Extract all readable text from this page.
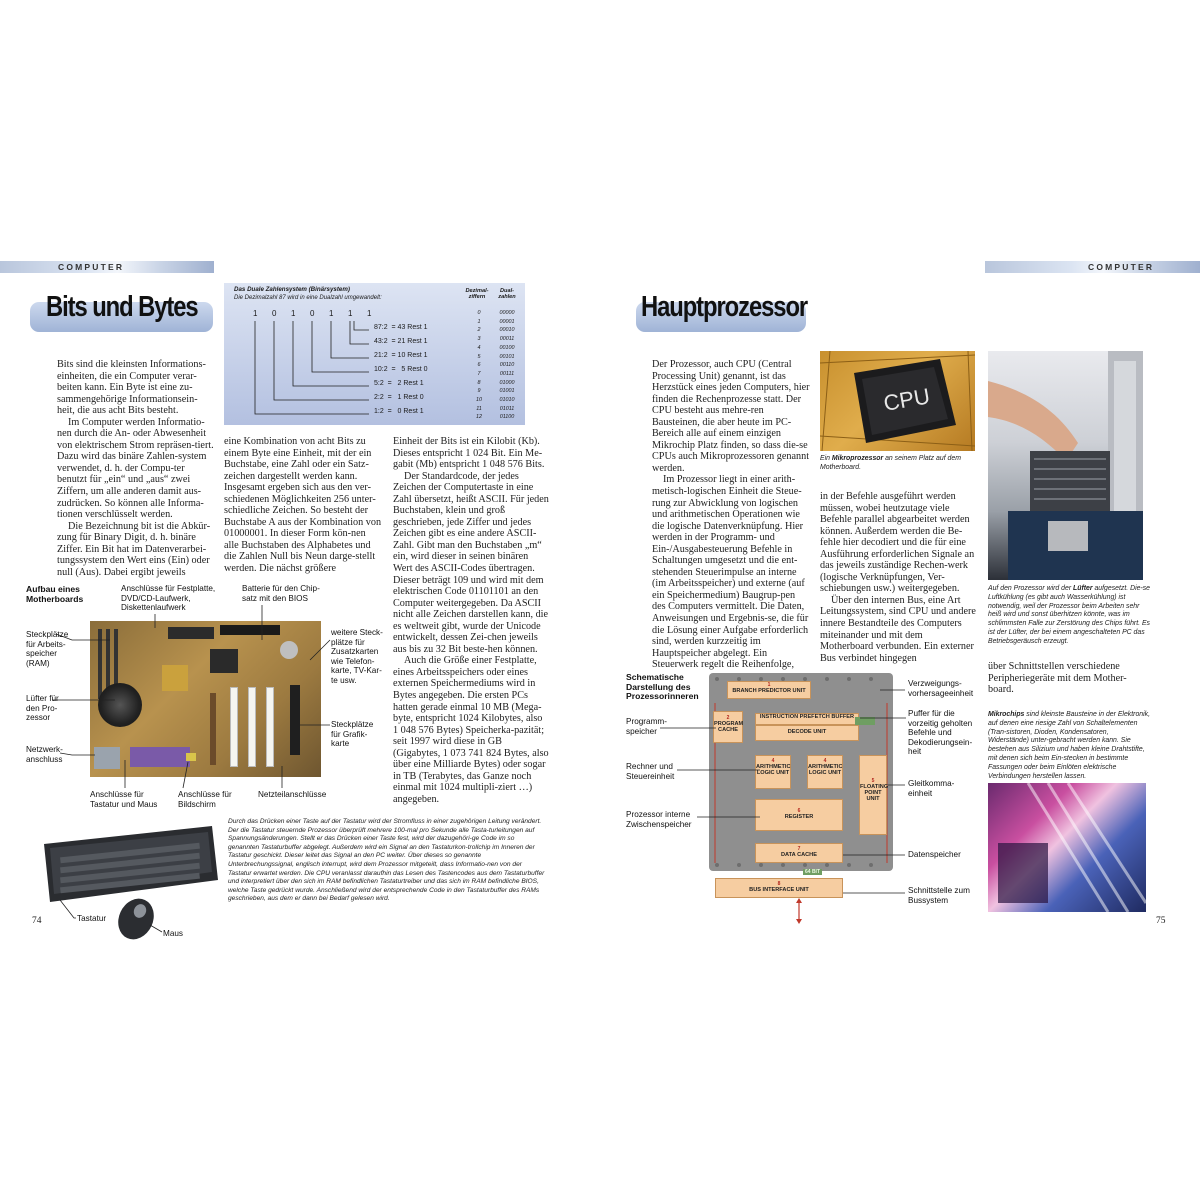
COMPUTER
Bits und Bytes
Das Duale Zahlensystem (Binärsystem)
Die Dezimalzahl 87 wird in eine Dualzahl umgewandelt:
1 0 1 0 1 1 1
87:2  = 43 Rest 1
43:2  = 21 Rest 1
21:2  = 10 Rest 1
10:2  =   5 Rest 0
5:2  =   2 Rest 1
2:2  =   1 Rest 0
1:2  =   0 Rest 1
Dezimal-
ziffern
Dual-
zahlen
0	00000
1	00001
2	00010
3	00011
4	00100
5	00101
6	00110
7	00111
8	01000
9	01001
10	01010
11	01011
12	01100

Bits sind die kleinsten Informations-einheiten, die ein Computer verar-beiten kann. Ein Byte ist eine zu-sammengehörige Informationsein-heit, die aus acht Bits besteht.

Im Computer werden Informatio-nen durch die An- oder Abwesenheit von elektrischem Strom repräsen-tiert. Dazu wird das binäre Zahlen-system verwendet, d. h. der Compu-ter benutzt für „ein“ und „aus“ zwei Ziffern, um alle anderen damit aus-zudrücken. So können alle Informa-tionen verschlüsselt werden.

Die Bezeichnung bit ist die Abkür-zung für Binary Digit, d. h. binäre Ziffer. Ein Bit hat im Datenverarbei-tungssystem den Wert eins (Ein) oder null (Aus). Dabei ergibt jeweils

eine Kombination von acht Bits zu einem Byte eine Einheit, mit der ein Buchstabe, eine Zahl oder ein Satz-zeichen dargestellt werden kann. Insgesamt ergeben sich aus den ver-schiedenen Möglichkeiten 256 unter-schiedliche Zeichen. So besteht der Buchstabe A aus der Kombination von 01000001. In dieser Form kön-nen alle Buchstaben des Alphabetes und die Zahlen Null bis Neun darge-stellt werden. Die nächst größere

Einheit der Bits ist ein Kilobit (Kb). Dieses entspricht 1 024 Bit. Ein Me-gabit (Mb) entspricht 1 048 576 Bits.

Der Standardcode, der jedes Zeichen der Computertaste in eine Zahl übersetzt, heißt ASCII. Für jeden Buchstaben, klein und groß geschrieben, jede Ziffer und jedes Zeichen gibt es eine andere ASCII-Zahl. Gibt man den Buchstaben „m“ ein, wird dieser in seinen binären Wert des ASCII-Codes übertragen. Dieser beträgt 109 und wird mit dem elektrischen Code 01101101 an den Computer weitergegeben. Da ASCII nicht alle Zeichen darstellen kann, die es weltweit gibt, wurde der Unicode entwickelt, dessen Zei-chen jeweils aus bis zu 32 Bit beste-hen können.

Auch die Größe einer Festplatte, eines Arbeitsspeichers oder eines externen Speichermediums wird in Bytes angegeben. Die ersten PCs hatten gerade einmal 10 MB (Mega-byte, entspricht 1024 Kilobytes, also 1 048 576 Bytes) Speicherka-pazität; seit 1997 wird diese in GB (Gigabytes, 1 073 741 824 Bytes, also über eine Milliarde Bytes) oder sogar in TB (Terabytes, das Ganze noch einmal mit 1024 multipli-ziert …) angegeben.

Aufbau eines
Motherboards
Anschlüsse für Festplatte, DVD/CD-Laufwerk, Diskettenlaufwerk
Batterie für den Chip-satz mit den BIOS
Steckplätze für Arbeits-speicher (RAM)
weitere Steck-plätze für Zusatzkarten wie Telefon-karte, TV-Kar-te usw.
Lüfter für den Pro-zessor
Steckplätze für Grafik-karte
Netzwerk-anschluss
Anschlüsse für Tastatur und Maus
Anschlüsse für Bildschirm
Netzteilanschlüsse
Tastatur
Maus
Durch das Drücken einer Taste auf der Tastatur wird der Stromfluss in einer zugehörigen Leitung verändert. Der die Tastatur steuernde Prozessor überprüft mehrere 100-mal pro Sekunde alle Tasta-turleitungen auf Spannungsänderungen. Stellt er das Drücken einer Taste fest, wird der dazugehöri-ge Code im so genannten Tastaturbuffer abgelegt. Außerdem wird ein Signal an den Tastaturkon-trollchip im Inneren der Tastatur geschickt. Dieser leitet das Signal an den PC weiter. Über dieses so genannte Unterbrechungssignal, englisch interrupt, wird dem Prozessor mitgeteilt, dass Informatio-nen von der Tastatur erwartet werden. Die CPU veranlasst daraufhin das Lesen des Tastencodes aus dem Tastaturbuffer und interpretiert über den sich im RAM befindlichen Tastaturtreiber und das sich im RAM befindliche BIOS, welche Taste gedrückt wurde. Anschließend wird der entsprechende Code in den Tastaturbuffer des RAMs geschrieben, aus dem er dann bei Bedarf gelesen wird.
74
COMPUTER
Hauptprozessor

Der Prozessor, auch CPU (Central Processing Unit) genannt, ist das Herzstück eines jeden Computers, hier finden die Rechenprozesse statt. Der CPU besteht aus mehre-ren Bausteinen, die aber heute im PC-Bereich alle auf einem einzigen Mikrochip Platz finden, so dass die-se CPUs auch Mikroprozessoren genannt werden.

Im Prozessor liegt in einer arith-metisch-logischen Einheit die Steue-rung zur Abwicklung von logischen und arithmetischen Operationen wie die logische Datenverknüpfung. Hier werden in der Programm- und Ein-/Ausgabesteuerung Befehle in Schaltungen umgesetzt und die ent-stehenden Steuerimpulse an interne (im Arbeitsspeicher) und externe (auf ein Speichermedium) Baugrup-pen des Computers vermittelt. Die Daten, Anweisungen und Ergebnis-se, die für die Lösung einer Aufgabe erforderlich sind, werden kurzzeitig im Hauptspeicher abgelegt. Ein Steuerwerk regelt die Reihenfolge,

in der Befehle ausgeführt werden müssen, wobei heutzutage viele Befehle parallel abgearbeitet werden können. Außerdem werden die Be-fehle hier decodiert und die für eine Ausführung erforderlichen Signale an das jeweils zuständige Rechen-werk (logische Verknüpfungen, Ver-schiebungen usw.) weitergegeben.

Über den internen Bus, eine Art Leitungssystem, sind CPU und andere innere Bestandteile des Computers miteinander und mit dem Motherboard verbunden. Ein externer Bus verbindet hingegen

über Schnittstellen verschiedene Peripheriegeräte mit dem Mother-board.

CPU
Ein Mikroprozessor an seinem Platz auf dem Motherboard.
Auf den Prozessor wird der Lüfter aufgesetzt. Die-se Luftkühlung (es gibt auch Wasserkühlung) ist notwendig, weil der Prozessor beim Arbeiten sehr heiß wird und sonst überhitzen könnte, was im schlimmsten Falle zur Zerstörung des Chips führt. Es ist der Lüfter, der bei einem angeschalteten PC das Betriebsgeräusch erzeugt.
Mikrochips sind kleinste Bausteine in der Elektronik, auf denen eine riesige Zahl von Schaltelementen (Tran-sistoren, Dioden, Kondensatoren, Widerstände) unter-gebracht werden kann. Sie bestehen aus Silizium und haben kleine Drahtstifte, mit denen sich beim Ein-stecken in bestimmte Fassungen oder beim Einlöten elektrische Verbindungen herstellen lassen.
Schematische
Darstellung des
Prozessorinneren
1
BRANCH PREDICTOR UNIT
2
PROGRAM CACHE
INSTRUCTION PREFETCH BUFFER
DECODE UNIT
4
ARITHMETIC LOGIC UNIT
4
ARITHMETIC LOGIC UNIT
5
FLOATING POINT UNIT
6
REGISTER
7
DATA CACHE
64 BIT
8
BUS INTERFACE UNIT
Programm-speicher
Rechner und Steuereinheit
Prozessor interne Zwischenspeicher
Verzweigungs-vorhersageeinheit
Puffer für die vorzeitig geholten Befehle und Dekodierungsein-heit
Gleitkomma-einheit
Datenspeicher
Schnittstelle zum Bussystem
75
